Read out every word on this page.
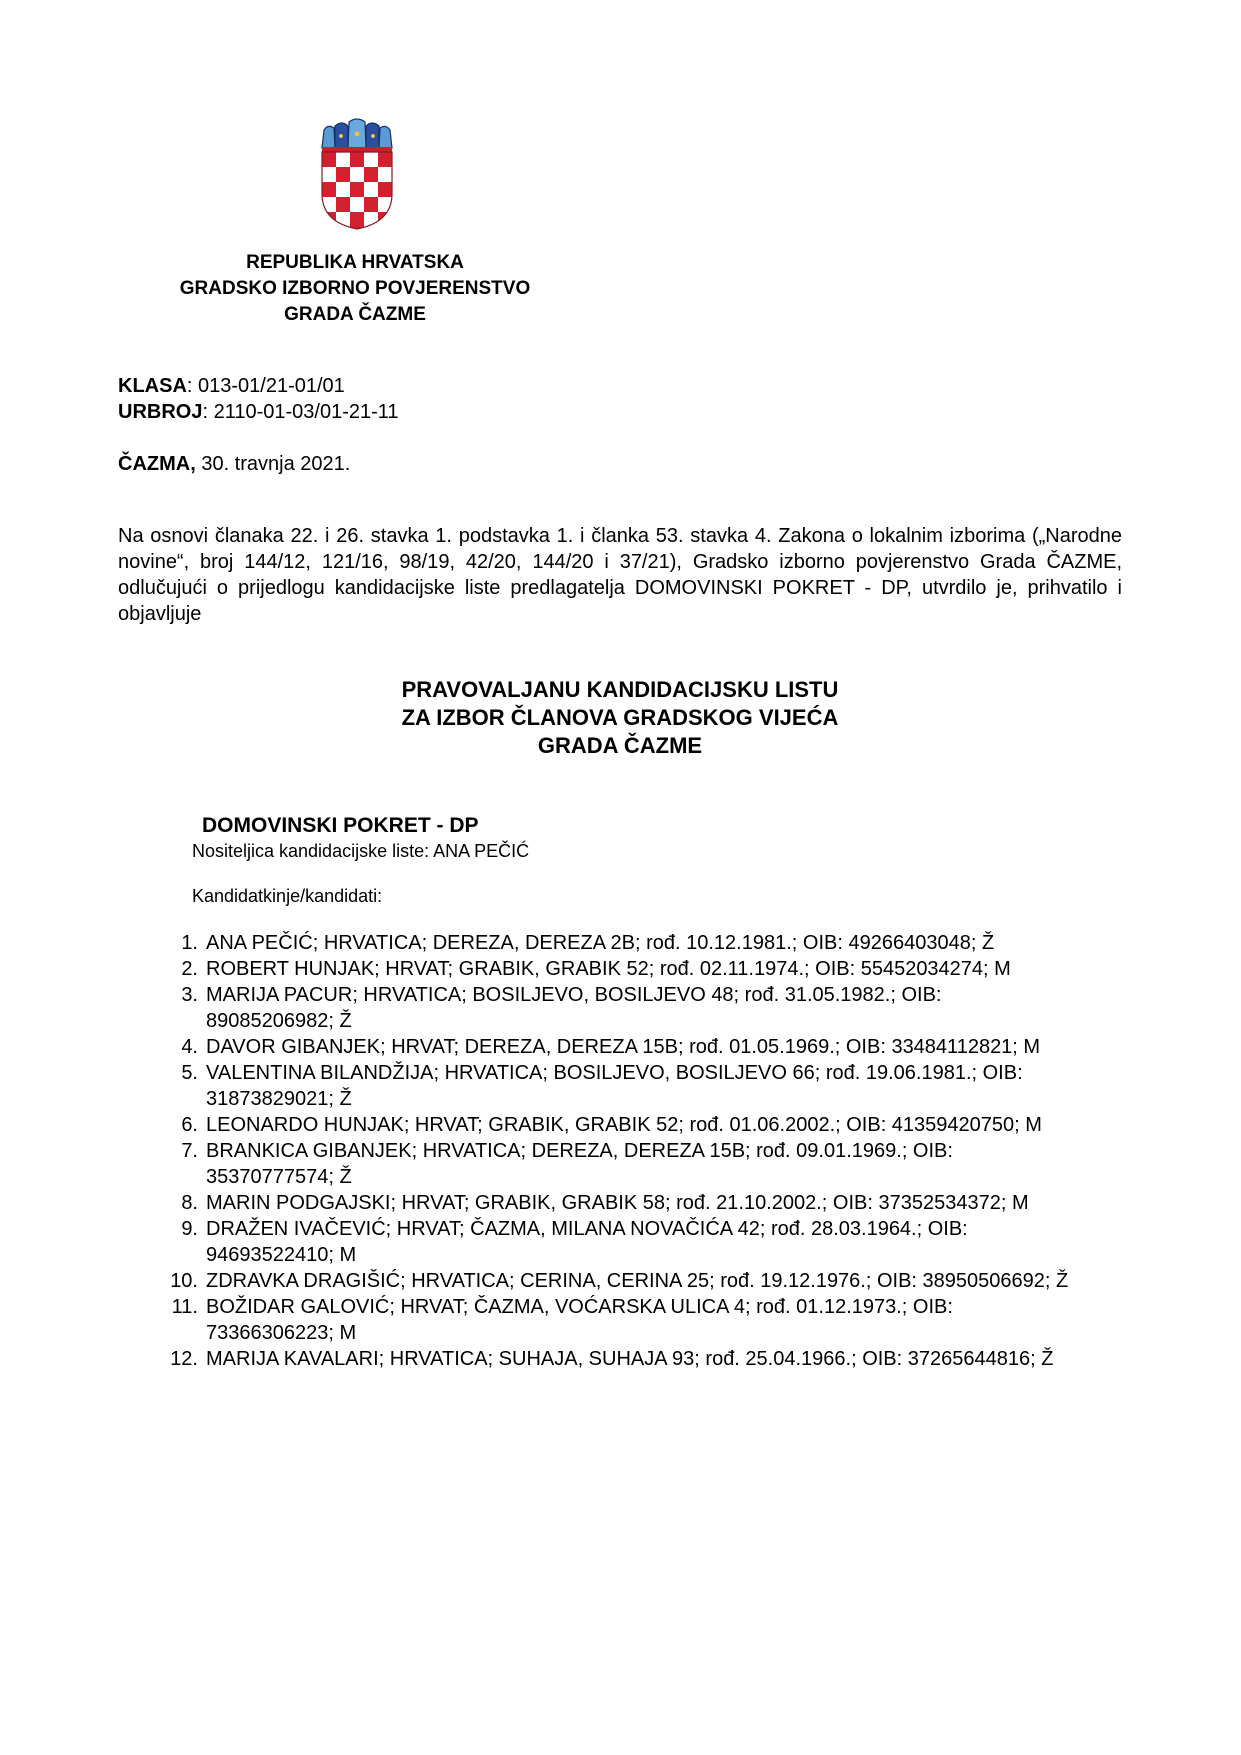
REPUBLIKA HRVATSKA
GRADSKO IZBORNO POVJERENSTVO
GRADA ČAZME
KLASA: 013-01/21-01/01
URBROJ: 2110-01-03/01-21-11
ČAZMA, 30. travnja 2021.
Na osnovi članaka 22. i 26. stavka 1. podstavka 1. i članka 53. stavka 4. Zakona o lokalnim izborima („Narodne novine“, broj 144/12, 121/16, 98/19, 42/20, 144/20 i 37/21), Gradsko izborno povjerenstvo Grada ČAZME, odlučujući o prijedlogu kandidacijske liste predlagatelja DOMOVINSKI POKRET - DP, utvrdilo je, prihvatilo i objavljuje
PRAVOVALJANU KANDIDACIJSKU LISTU
ZA IZBOR ČLANOVA GRADSKOG VIJEĆA
GRADA ČAZME
DOMOVINSKI POKRET - DP
Nositeljica kandidacijske liste: ANA PEČIĆ
Kandidatkinje/kandidati:
1. ANA PEČIĆ; HRVATICA; DEREZA, DEREZA 2B; rođ. 10.12.1981.; OIB: 49266403048; Ž
2. ROBERT HUNJAK; HRVAT; GRABIK, GRABIK 52; rođ. 02.11.1974.; OIB: 55452034274; M
3. MARIJA PACUR; HRVATICA; BOSILJEVO, BOSILJEVO 48; rođ. 31.05.1982.; OIB: 89085206982; Ž
4. DAVOR GIBANJEK; HRVAT; DEREZA, DEREZA 15B; rođ. 01.05.1969.; OIB: 33484112821; M
5. VALENTINA BILANDŽIJA; HRVATICA; BOSILJEVO, BOSILJEVO 66; rođ. 19.06.1981.; OIB: 31873829021; Ž
6. LEONARDO HUNJAK; HRVAT; GRABIK, GRABIK 52; rođ. 01.06.2002.; OIB: 41359420750; M
7. BRANKICA GIBANJEK; HRVATICA; DEREZA, DEREZA 15B; rođ. 09.01.1969.; OIB: 35370777574; Ž
8. MARIN PODGAJSKI; HRVAT; GRABIK, GRABIK 58; rođ. 21.10.2002.; OIB: 37352534372; M
9. DRAŽEN IVAČEVIĆ; HRVAT; ČAZMA, MILANA NOVAČIĆA 42; rođ. 28.03.1964.; OIB: 94693522410; M
10. ZDRAVKA DRAGIŠIĆ; HRVATICA; CERINA, CERINA 25; rođ. 19.12.1976.; OIB: 38950506692; Ž
11. BOŽIDAR GALOVIĆ; HRVAT; ČAZMA, VOĆARSKA ULICA 4; rođ. 01.12.1973.; OIB: 73366306223; M
12. MARIJA KAVALARI; HRVATICA; SUHAJA, SUHAJA 93; rođ. 25.04.1966.; OIB: 37265644816; Ž
